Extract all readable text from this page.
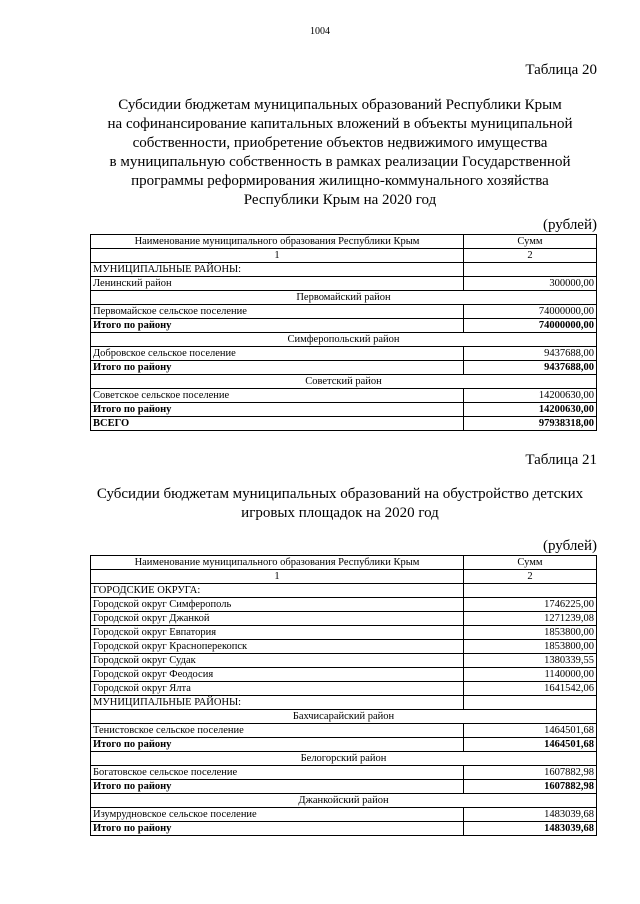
1004
Таблица 20
Субсидии бюджетам муниципальных образований Республики Крым
на софинансирование капитальных вложений в объекты муниципальной
собственности, приобретение объектов недвижимого имущества
в муниципальную собственность в рамках реализации Государственной
программы реформирования жилищно-коммунального хозяйства
Республики Крым на 2020 год
(рублей)
Наименование муниципального образования Республики Крым	Сумм
1	2
МУНИЦИПАЛЬНЫЕ РАЙОНЫ:	
Ленинский район	300000,00
Первомайский район	
Первомайское сельское поселение	74000000,00
Итого по району	74000000,00
Симферопольский район	
Добровское сельское поселение	9437688,00
Итого по району	9437688,00
Советский район	
Советское сельское поселение	14200630,00
Итого по району	14200630,00
ВСЕГО	97938318,00
Таблица 21
Субсидии бюджетам муниципальных образований на обустройство детских
игровых площадок на 2020 год
(рублей)
Наименование муниципального образования Республики Крым	Сумм
1	2
ГОРОДСКИЕ ОКРУГА:	
Городской округ Симферополь	1746225,00
Городской округ Джанкой	1271239,08
Городской округ Евпатория	1853800,00
Городской округ Красноперекопск	1853800,00
Городской округ Судак	1380339,55
Городской округ Феодосия	1140000,00
Городской округ Ялта	1641542,06
МУНИЦИПАЛЬНЫЕ РАЙОНЫ:	
Бахчисарайский район	
Тенистовское сельское поселение	1464501,68
Итого по району	1464501,68
Белогорский район	
Богатовское сельское поселение	1607882,98
Итого по району	1607882,98
Джанкойский район	
Изумрудновское сельское поселение	1483039,68
Итого по району	1483039,68
